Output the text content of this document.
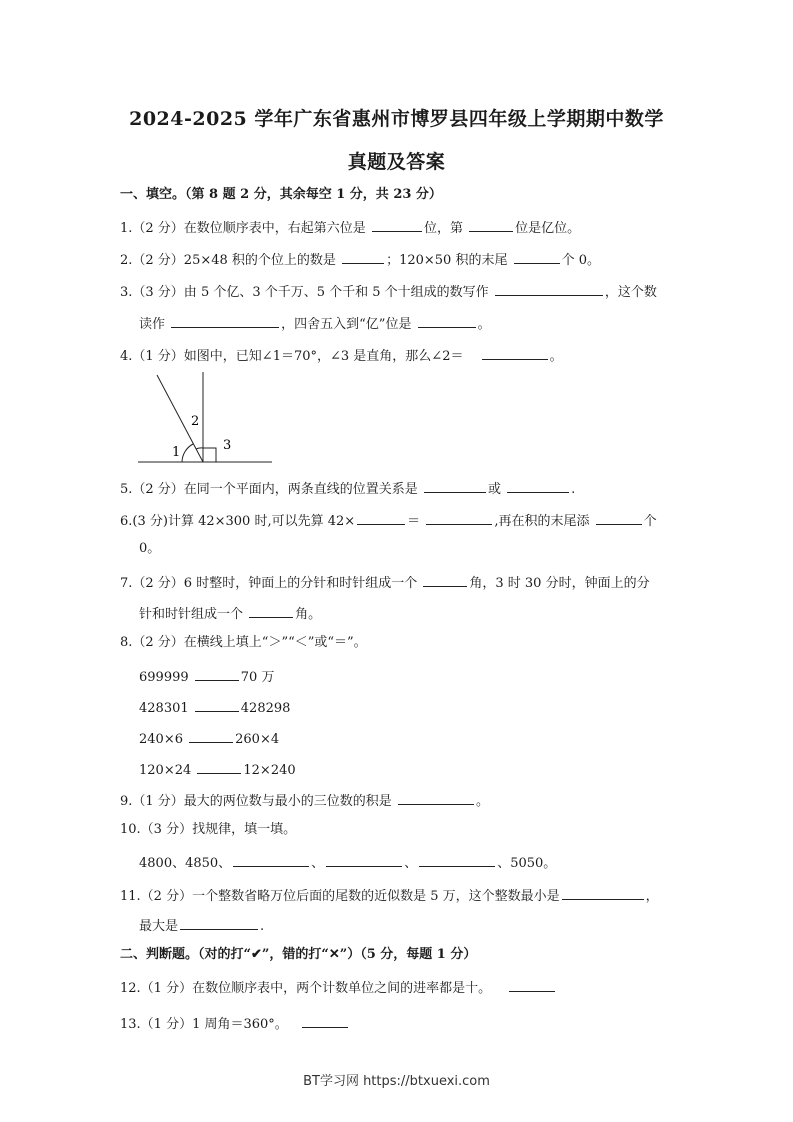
2024-2025 学年广东省惠州市博罗县四年级上学期期中数学
真题及答案
一、填空。（第 8 题 2 分，其余每空 1 分，共 23 分）
1.（2 分）在数位顺序表中，右起第六位是	位，第	位是亿位。
2.（2 分）25×48 积的个位上的数是	；120×50 积的末尾	个 0。
3.（3 分）由 5 个亿、3 个千万、5 个千和 5 个十组成的数写作	，这个数
读作	，四舍五入到“亿”位是	。
4.（1 分）如图中，已知∠1＝70°，∠3 是直角，那么∠2＝	。
1
2
3
5.（2 分）在同一个平面内，两条直线的位置关系是	或	.
6.(3 分)计算 42×300 时,可以先算 42×	＝	,再在积的末尾添	个
0。
7.（2 分）6 时整时，钟面上的分针和时针组成一个	角，3 时 30 分时，钟面上的分
针和时针组成一个	角。
8.（2 分）在横线上填上“＞”“＜”或“＝”。
699999	70 万
428301	428298
240×6	260×4
120×24	12×240
9.（1 分）最大的两位数与最小的三位数的积是	。
10.（3 分）找规律，填一填。
4800、4850、	、	、	、5050。
11.（2 分）一个整数省略万位后面的尾数的近似数是 5 万，这个整数最小是	，
最大是	.
二、判断题。（对的打“✔”，错的打“✕”）（5 分，每题 1 分）
12.（1 分）在数位顺序表中，两个计数单位之间的进率都是十。
13.（1 分）1 周角＝360°。
BT学习网 https://btxuexi.com
